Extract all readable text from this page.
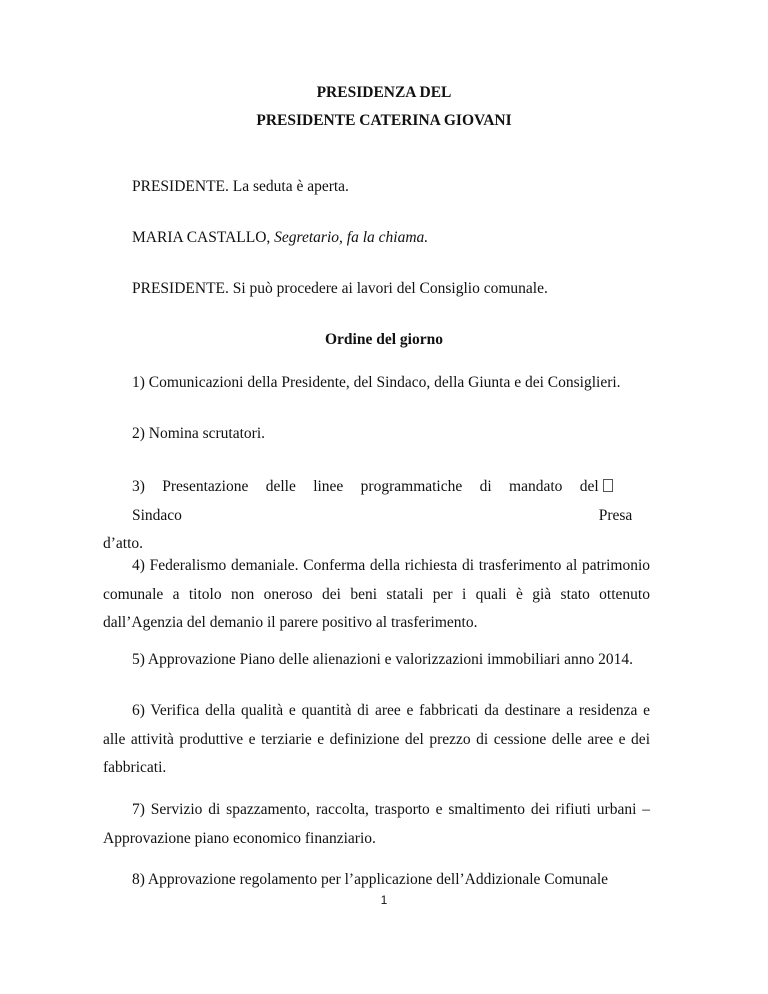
PRESIDENZA DEL
PRESIDENTE CATERINA GIOVANI
PRESIDENTE. La seduta è aperta.
MARIA CASTALLO, Segretario, fa la chiama.
PRESIDENTE. Si può procedere ai lavori del Consiglio comunale.
Ordine del giorno
1) Comunicazioni della Presidente, del Sindaco, della Giunta e dei Consiglieri.
2) Nomina scrutatori.
3) Presentazione delle linee programmatiche di mandato del Sindaco	Presa
d’atto.
4) Federalismo demaniale. Conferma della richiesta di trasferimento al patrimonio comunale a titolo non oneroso dei beni statali per i quali è già stato ottenuto dall’Agenzia del demanio il parere positivo al trasferimento.
5) Approvazione Piano delle alienazioni e valorizzazioni immobiliari anno 2014.
6) Verifica della qualità e quantità di aree e fabbricati da destinare a residenza e alle attività produttive e terziarie e definizione del prezzo di cessione delle aree e dei fabbricati.
7) Servizio di spazzamento, raccolta, trasporto e smaltimento dei rifiuti urbani – Approvazione piano economico finanziario.
8) Approvazione regolamento per l’applicazione dell’Addizionale Comunale
1
